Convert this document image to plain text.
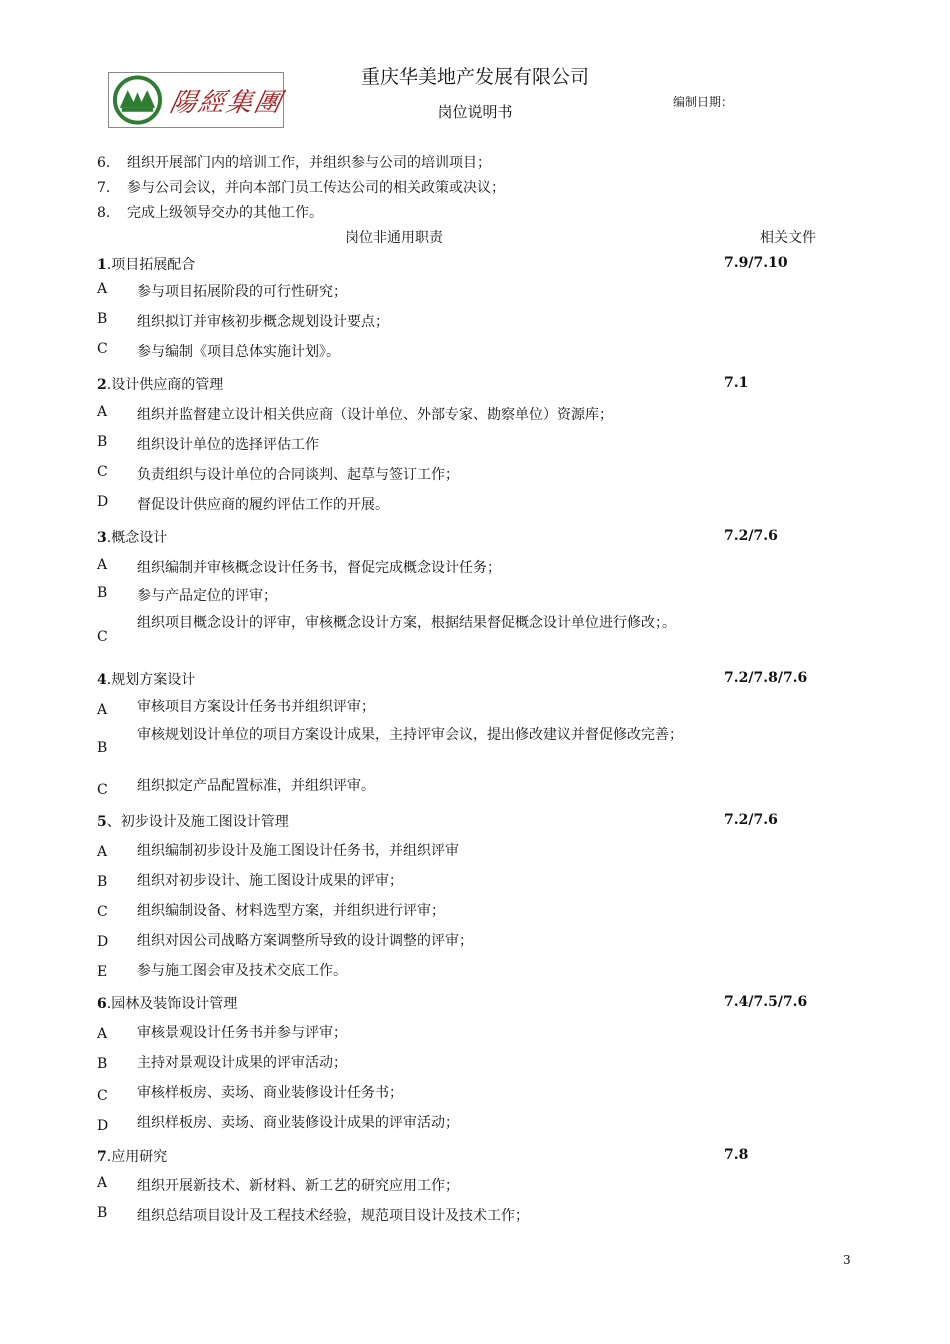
陽經集團
重庆华美地产发展有限公司
岗位说明书
编制日期：
6. 组织开展部门内的培训工作，并组织参与公司的培训项目；
7. 参与公司会议，并向本部门员工传达公司的相关政策或决议；
8. 完成上级领导交办的其他工作。
岗位非通用职责	相关文件
1.项目拓展配合	7.9/7.10
A 参与项目拓展阶段的可行性研究；
B 组织拟订并审核初步概念规划设计要点；
C 参与编制《项目总体实施计划》。
2.设计供应商的管理	7.1
A 组织并监督建立设计相关供应商（设计单位、外部专家、勘察单位）资源库；
B 组织设计单位的选择评估工作
C 负责组织与设计单位的合同谈判、起草与签订工作；
D 督促设计供应商的履约评估工作的开展。
3.概念设计	7.2/7.6
A 组织编制并审核概念设计任务书，督促完成概念设计任务；
B 参与产品定位的评审；
C
组织项目概念设计的评审，审核概念设计方案，根据结果督促概念设计单位进行修改；。
4.规划方案设计	7.2/7.8/7.6
A 审核项目方案设计任务书并组织评审；
B
审核规划设计单位的项目方案设计成果，主持评审会议，提出修改建议并督促修改完善；
C 组织拟定产品配置标准，并组织评审。
5、初步设计及施工图设计管理	7.2/7.6
A 组织编制初步设计及施工图设计任务书，并组织评审
B 组织对初步设计、施工图设计成果的评审；
C 组织编制设备、材料选型方案，并组织进行评审；
D 组织对因公司战略方案调整所导致的设计调整的评审；
E 参与施工图会审及技术交底工作。
6.园林及装饰设计管理	7.4/7.5/7.6
A 审核景观设计任务书并参与评审；
B 主持对景观设计成果的评审活动；
C 审核样板房、卖场、商业装修设计任务书；
D 组织样板房、卖场、商业装修设计成果的评审活动；
7.应用研究	7.8
A 组织开展新技术、新材料、新工艺的研究应用工作；
B 组织总结项目设计及工程技术经验，规范项目设计及技术工作；
3
